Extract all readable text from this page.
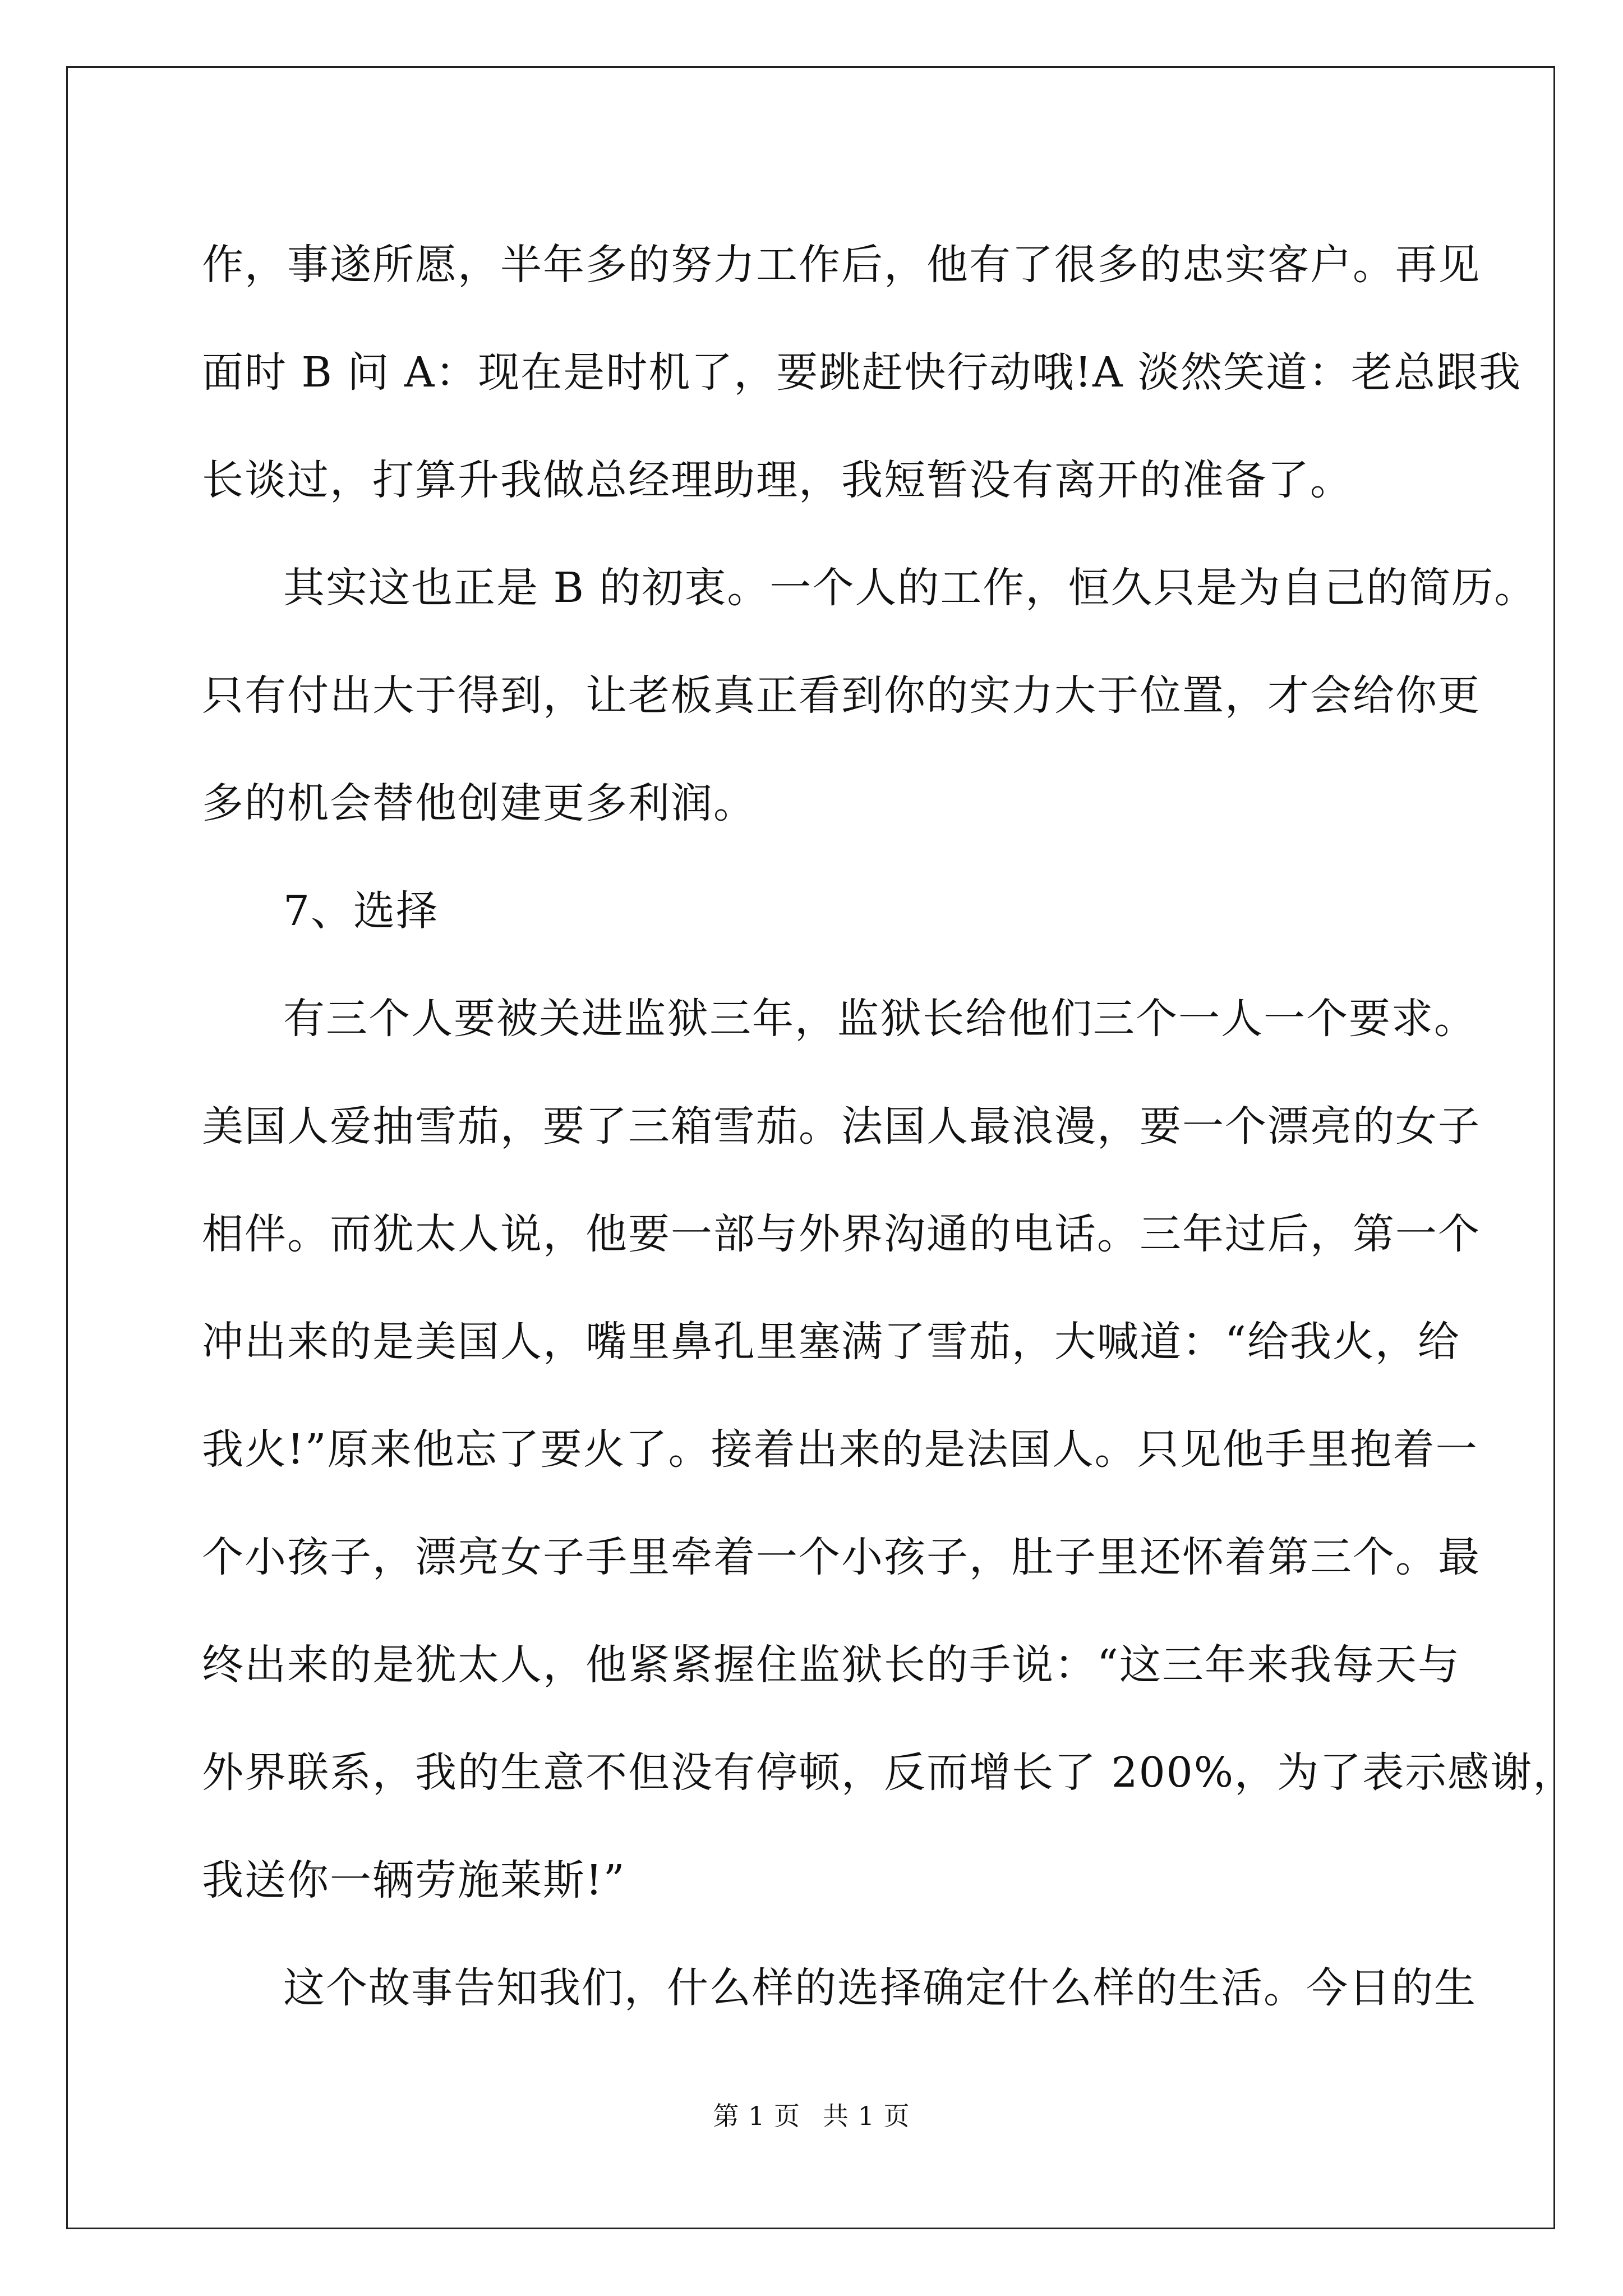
作，事遂所愿，半年多的努力工作后，他有了很多的忠实客户。再见
面时 B 问 A：现在是时机了，要跳赶快行动哦!A 淡然笑道：老总跟我
长谈过，打算升我做总经理助理，我短暂没有离开的准备了。
其实这也正是 B 的初衷。一个人的工作，恒久只是为自己的简历。
只有付出大于得到，让老板真正看到你的实力大于位置，才会给你更
多的机会替他创建更多利润。
7、选择
有三个人要被关进监狱三年，监狱长给他们三个一人一个要求。
美国人爱抽雪茄，要了三箱雪茄。法国人最浪漫，要一个漂亮的女子
相伴。而犹太人说，他要一部与外界沟通的电话。三年过后，第一个
冲出来的是美国人，嘴里鼻孔里塞满了雪茄，大喊道：“给我火，给
我火!”原来他忘了要火了。接着出来的是法国人。只见他手里抱着一
个小孩子，漂亮女子手里牵着一个小孩子，肚子里还怀着第三个。最
终出来的是犹太人，他紧紧握住监狱长的手说：“这三年来我每天与
外界联系，我的生意不但没有停顿，反而增长了 200%，为了表示感谢，
我送你一辆劳施莱斯!”
这个故事告知我们，什么样的选择确定什么样的生活。今日的生
第 1 页 共 1 页
